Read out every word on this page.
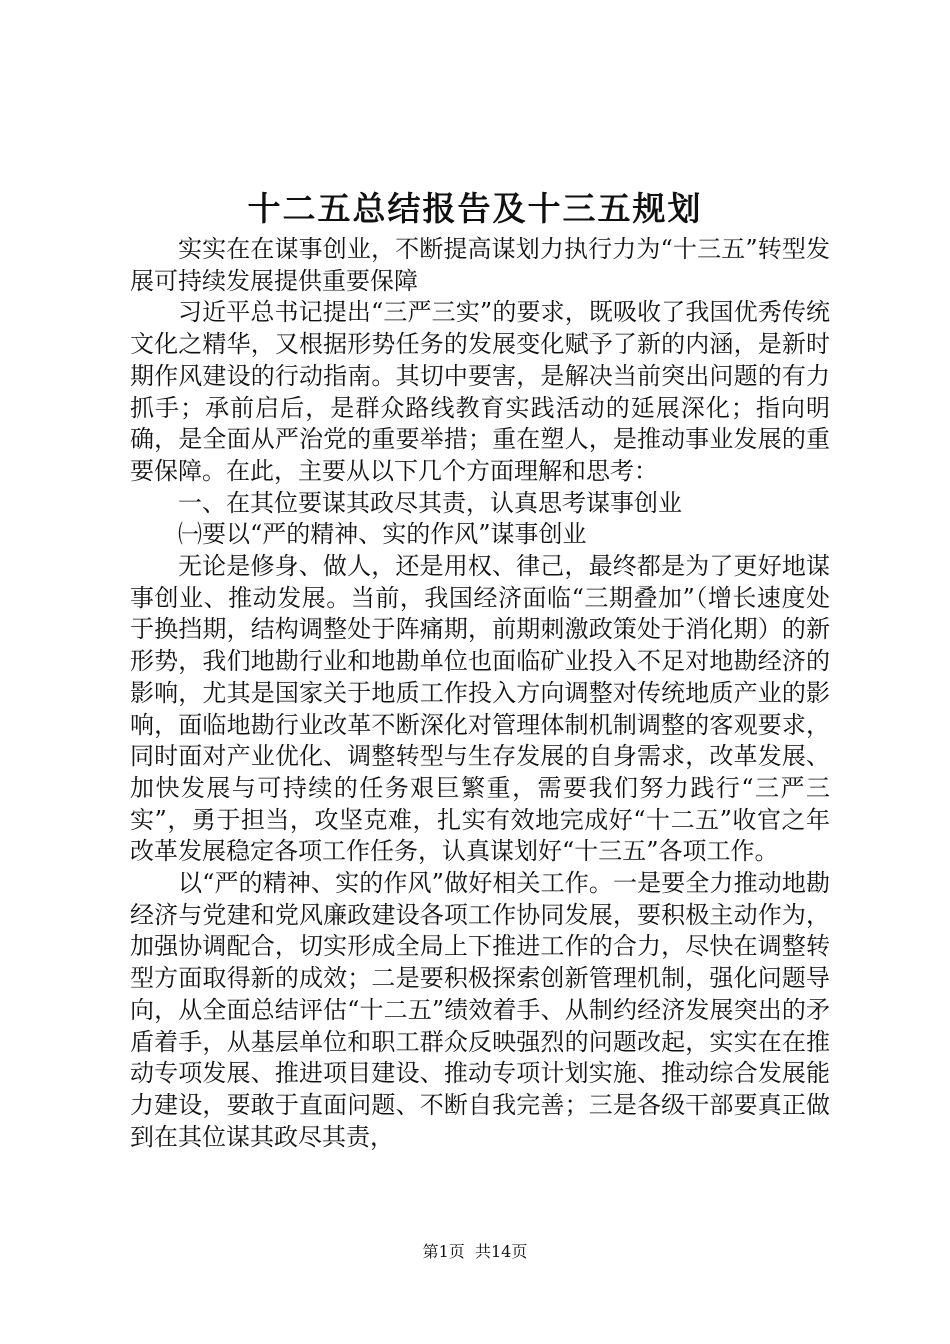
十二五总结报告及十三五规划

实实在在谋事创业，不断提高谋划力执行力为“十三五”转型发展可持续发展提供重要保障

习近平总书记提出“三严三实”的要求，既吸收了我国优秀传统文化之精华，又根据形势任务的发展变化赋予了新的内涵，是新时期作风建设的行动指南。其切中要害，是解决当前突出问题的有力抓手；承前启后，是群众路线教育实践活动的延展深化；指向明确，是全面从严治党的重要举措；重在塑人，是推动事业发展的重要保障。在此，主要从以下几个方面理解和思考：

一、在其位要谋其政尽其责，认真思考谋事创业

㈠要以“严的精神、实的作风”谋事创业

无论是修身、做人，还是用权、律己，最终都是为了更好地谋事创业、推动发展。当前，我国经济面临“三期叠加”（增长速度处于换挡期，结构调整处于阵痛期，前期刺激政策处于消化期）的新形势，我们地勘行业和地勘单位也面临矿业投入不足对地勘经济的影响，尤其是国家关于地质工作投入方向调整对传统地质产业的影响，面临地勘行业改革不断深化对管理体制机制调整的客观要求，同时面对产业优化、调整转型与生存发展的自身需求，改革发展、加快发展与可持续的任务艰巨繁重，需要我们努力践行“三严三实”，勇于担当，攻坚克难，扎实有效地完成好“十二五”收官之年改革发展稳定各项工作任务，认真谋划好“十三五”各项工作。

以“严的精神、实的作风”做好相关工作。一是要全力推动地勘经济与党建和党风廉政建设各项工作协同发展，要积极主动作为，加强协调配合，切实形成全局上下推进工作的合力，尽快在调整转型方面取得新的成效；二是要积极探索创新管理机制，强化问题导向，从全面总结评估“十二五”绩效着手、从制约经济发展突出的矛盾着手，从基层单位和职工群众反映强烈的问题改起，实实在在推动专项发展、推进项目建设、推动专项计划实施、推动综合发展能力建设，要敢于直面问题、不断自我完善；三是各级干部要真正做到在其位谋其政尽其责，

第1页 共14页
